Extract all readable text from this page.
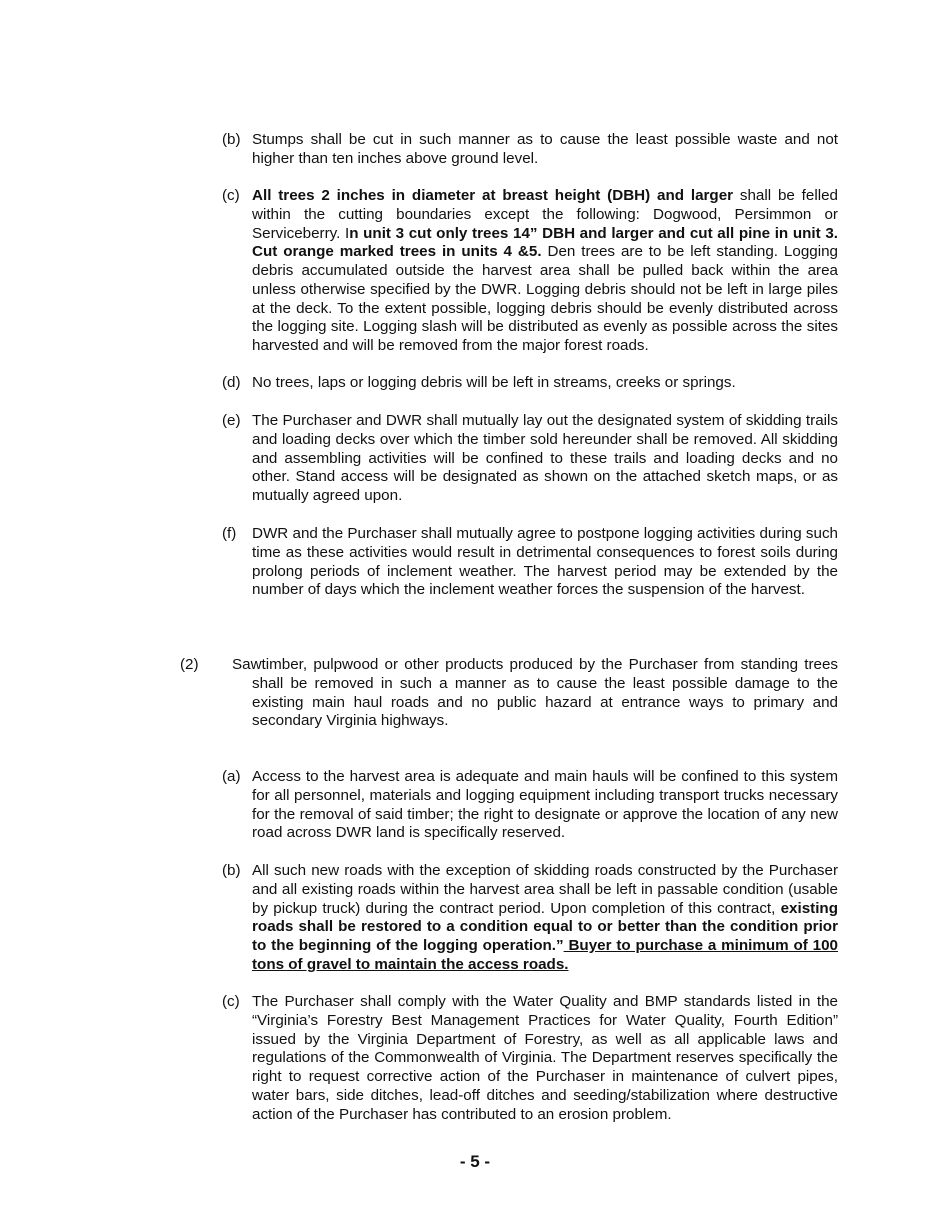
(b) Stumps shall be cut in such manner as to cause the least possible waste and not higher than ten inches above ground level.
(c) All trees 2 inches in diameter at breast height (DBH) and larger shall be felled within the cutting boundaries except the following: Dogwood, Persimmon or Serviceberry. In unit 3 cut only trees 14” DBH and larger and cut all pine in unit 3. Cut orange marked trees in units 4 &5. Den trees are to be left standing. Logging debris accumulated outside the harvest area shall be pulled back within the area unless otherwise specified by the DWR. Logging debris should not be left in large piles at the deck. To the extent possible, logging debris should be evenly distributed across the logging site. Logging slash will be distributed as evenly as possible across the sites harvested and will be removed from the major forest roads.
(d) No trees, laps or logging debris will be left in streams, creeks or springs.
(e) The Purchaser and DWR shall mutually lay out the designated system of skidding trails and loading decks over which the timber sold hereunder shall be removed. All skidding and assembling activities will be confined to these trails and loading decks and no other. Stand access will be designated as shown on the attached sketch maps, or as mutually agreed upon.
(f) DWR and the Purchaser shall mutually agree to postpone logging activities during such time as these activities would result in detrimental consequences to forest soils during prolong periods of inclement weather. The harvest period may be extended by the number of days which the inclement weather forces the suspension of the harvest.
(2) Sawtimber, pulpwood or other products produced by the Purchaser from standing trees shall be removed in such a manner as to cause the least possible damage to the existing main haul roads and no public hazard at entrance ways to primary and secondary Virginia highways.
(a) Access to the harvest area is adequate and main hauls will be confined to this system for all personnel, materials and logging equipment including transport trucks necessary for the removal of said timber; the right to designate or approve the location of any new road across DWR land is specifically reserved.
(b) All such new roads with the exception of skidding roads constructed by the Purchaser and all existing roads within the harvest area shall be left in passable condition (usable by pickup truck) during the contract period. Upon completion of this contract, existing roads shall be restored to a condition equal to or better than the condition prior to the beginning of the logging operation.” Buyer to purchase a minimum of 100 tons of gravel to maintain the access roads.
(c) The Purchaser shall comply with the Water Quality and BMP standards listed in the “Virginia’s Forestry Best Management Practices for Water Quality, Fourth Edition” issued by the Virginia Department of Forestry, as well as all applicable laws and regulations of the Commonwealth of Virginia. The Department reserves specifically the right to request corrective action of the Purchaser in maintenance of culvert pipes, water bars, side ditches, lead-off ditches and seeding/stabilization where destructive action of the Purchaser has contributed to an erosion problem.
- 5 -
